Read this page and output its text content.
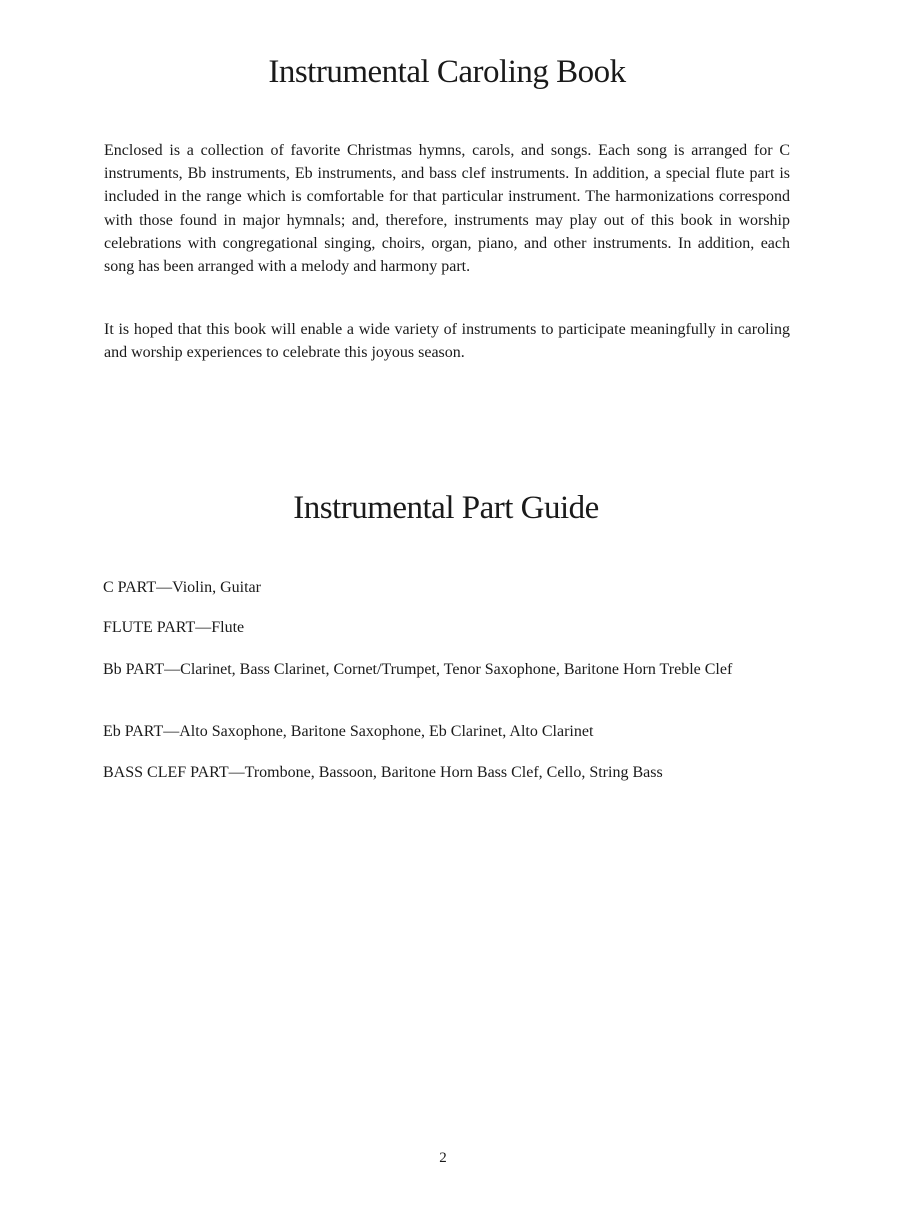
Instrumental Caroling Book

Enclosed is a collection of favorite Christmas hymns, carols, and songs. Each song is arranged for C instruments, Bb instruments, Eb instruments, and bass clef instruments. In addition, a special flute part is included in the range which is comfortable for that particular instrument. The harmonizations correspond with those found in major hymnals; and, therefore, instruments may play out of this book in worship celebrations with congregational singing, choirs, organ, piano, and other instruments. In addition, each song has been arranged with a melody and harmony part.

It is hoped that this book will enable a wide variety of instruments to participate meaningfully in caroling and worship experiences to celebrate this joyous season.

Instrumental Part Guide

C PART—Violin, Guitar

FLUTE PART—Flute

Bb PART—Clarinet, Bass Clarinet, Cornet/Trumpet, Tenor Saxophone, Baritone Horn Treble Clef

Eb PART—Alto Saxophone, Baritone Saxophone, Eb Clarinet, Alto Clarinet

BASS CLEF PART—Trombone, Bassoon, Baritone Horn Bass Clef, Cello, String Bass

2
